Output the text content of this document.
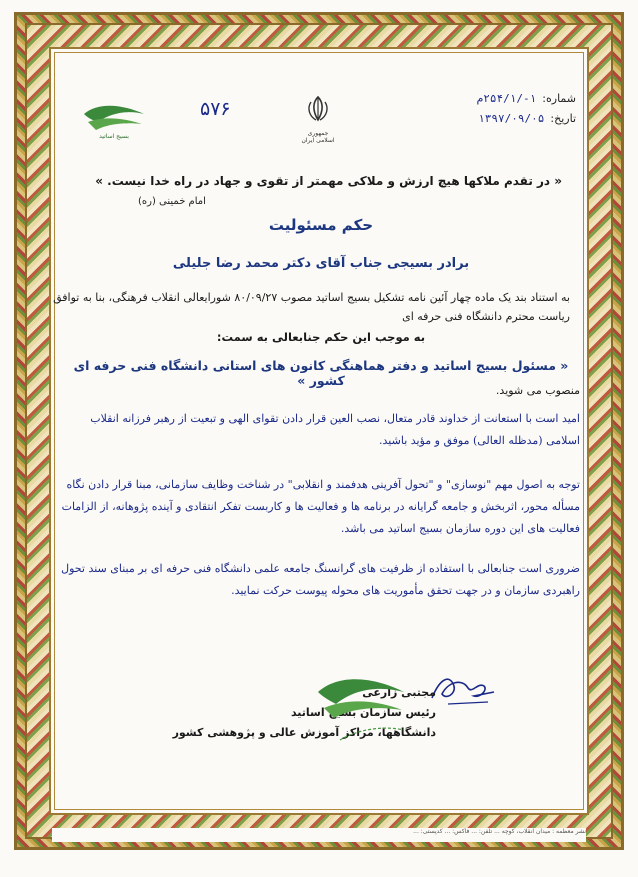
بسیج اساتید
۵۷۶
جمهوری اسلامی ایران
شماره:
۱-/۲۵۴/۱م
تاریخ:
۱۳۹۷/۰۹/۰۵
« در تقدم ملاکها هیچ ارزش و ملاکی مهمتر از تقوی و جهاد در راه خدا نیست. »
امام خمینی (ره)
حکم مسئولیت
برادر بسیجی جناب آقای دکتر محمد رضا جلیلی
به استناد بند یک ماده چهار آئین نامه تشکیل بسیج اساتید مصوب ۸۰/۰۹/۲۷ شورایعالی انقلاب فرهنگی، بنا به توافق ریاست محترم دانشگاه فنی حرفه ای
به موجب این حکم جنابعالی به سمت:
« مسئول بسیج اساتید و دفتر هماهنگی کانون های استانی دانشگاه فنی حرفه ای کشور »
منصوب می شوید.
امید است با استعانت از خداوند قادر متعال، نصب العین قرار دادن تقوای الهی و تبعیت از رهبر فرزانه انقلاب اسلامی (مدظله العالی) موفق و مؤید باشید.
توجه به اصول مهم "نوسازی" و "تحول آفرینی هدفمند و انقلابی" در شناخت وظایف سازمانی، مبنا قرار دادن نگاه مسأله محور، اثربخش و جامعه گرایانه در برنامه ها و فعالیت ها و کاربست تفکر انتقادی و آینده پژوهانه، از الزامات فعالیت های این دوره سازمان بسیج اساتید می باشد.
ضروری است جنابعالی با استفاده از ظرفیت های گرانسنگ جامعه علمی دانشگاه فنی حرفه ای بر مبنای سند تحول راهبردی سازمان و در جهت تحقق مأموریت های محوله پیوست حرکت نمایید.
مجتبی زارعی
رئیس سازمان بسیج اساتید
دانشگاهها، مراکز آموزش عالی و پژوهشی کشور
نشر معظمه : میدان انقلاب، کوچه ... تلفن: ... فاکس: ... کدپستی: ...
